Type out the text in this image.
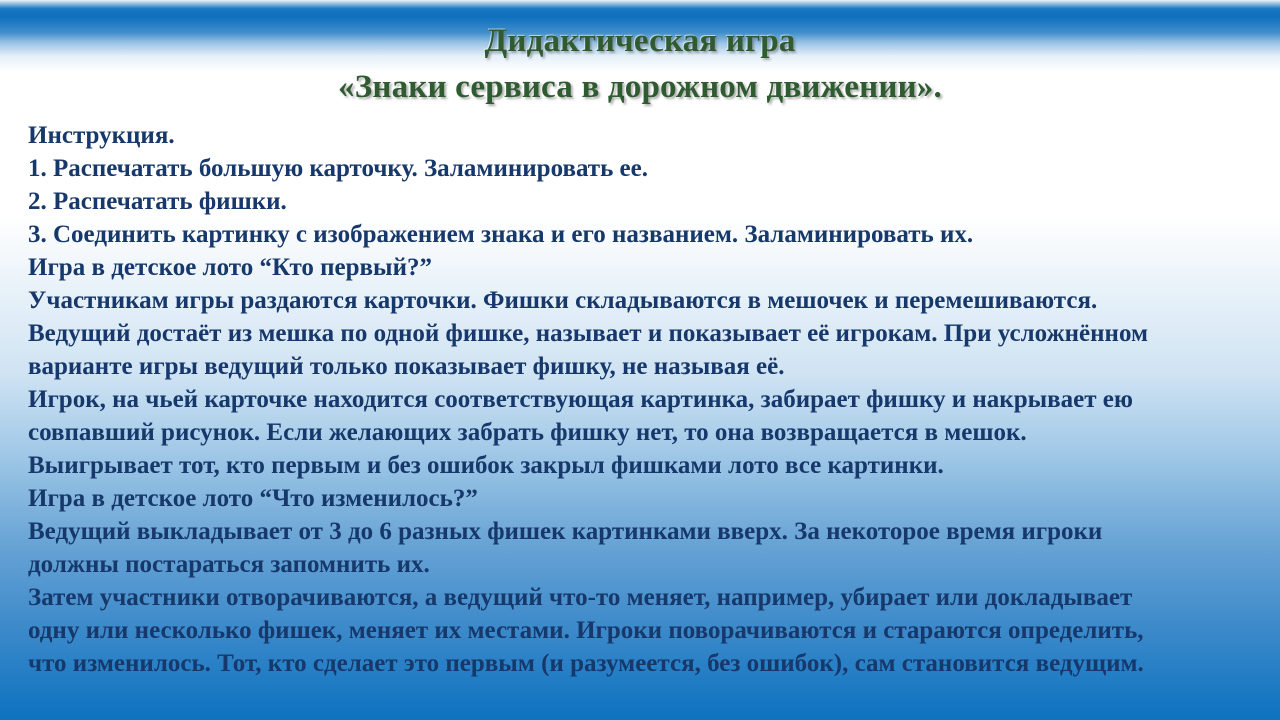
Дидактическая игра
«Знаки сервиса в дорожном движении».
Инструкция.
1. Распечатать большую карточку. Заламинировать ее.
2. Распечатать фишки.
3. Соединить картинку с изображением знака и его названием. Заламинировать их.
Игра в детское лото “Кто первый?”
Участникам игры раздаются карточки. Фишки складываются в мешочек и перемешиваются.
Ведущий достаёт из мешка по одной фишке, называет и показывает её игрокам. При усложнённом
варианте игры ведущий только показывает фишку, не называя её.
Игрок, на чьей карточке находится соответствующая картинка, забирает фишку и накрывает ею
совпавший рисунок. Если желающих забрать фишку нет, то она возвращается в мешок.
Выигрывает тот, кто первым и без ошибок закрыл фишками лото все картинки.
Игра в детское лото “Что изменилось?”
Ведущий выкладывает от 3 до 6 разных фишек картинками вверх. За некоторое время игроки
должны постараться запомнить их.
Затем участники отворачиваются, а ведущий что-то меняет, например, убирает или докладывает
одну или несколько фишек, меняет их местами. Игроки поворачиваются и стараются определить,
что изменилось. Тот, кто сделает это первым (и разумеется, без ошибок), сам становится ведущим.
